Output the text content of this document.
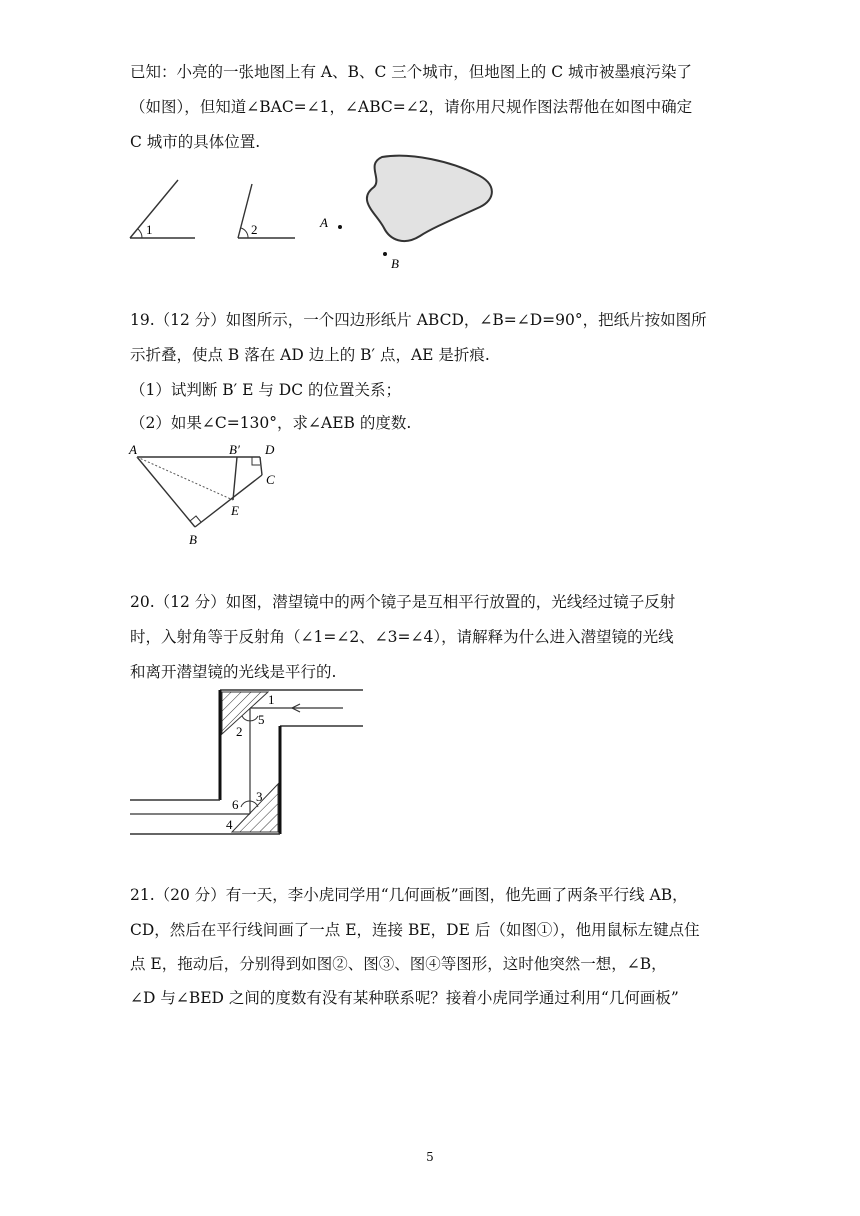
已知：小亮的一张地图上有 A、B、C 三个城市，但地图上的 C 城市被墨痕污染了
（如图），但知道∠BAC=∠1，∠ABC=∠2，请你用尺规作图法帮他在如图中确定
C 城市的具体位置.
1	2	A
B
19.（12 分）如图所示，一个四边形纸片 ABCD，∠B=∠D=90°，把纸片按如图所
示折叠，使点 B 落在 AD 边上的 B′ 点，AE 是折痕.
（1）试判断 B′ E 与 DC 的位置关系；
（2）如果∠C=130°，求∠AEB 的度数.
A	B′ D
C
E
B
20.（12 分）如图，潜望镜中的两个镜子是互相平行放置的，光线经过镜子反射
时，入射角等于反射角（∠1=∠2、∠3=∠4），请解释为什么进入潜望镜的光线
和离开潜望镜的光线是平行的.
1
5
2
3
6
4
21.（20 分）有一天，李小虎同学用“几何画板”画图，他先画了两条平行线 AB，
CD，然后在平行线间画了一点 E，连接 BE，DE 后（如图①），他用鼠标左键点住
点 E，拖动后，分别得到如图②、图③、图④等图形，这时他突然一想，∠B，
∠D 与∠BED 之间的度数有没有某种联系呢？接着小虎同学通过利用“几何画板”
5
